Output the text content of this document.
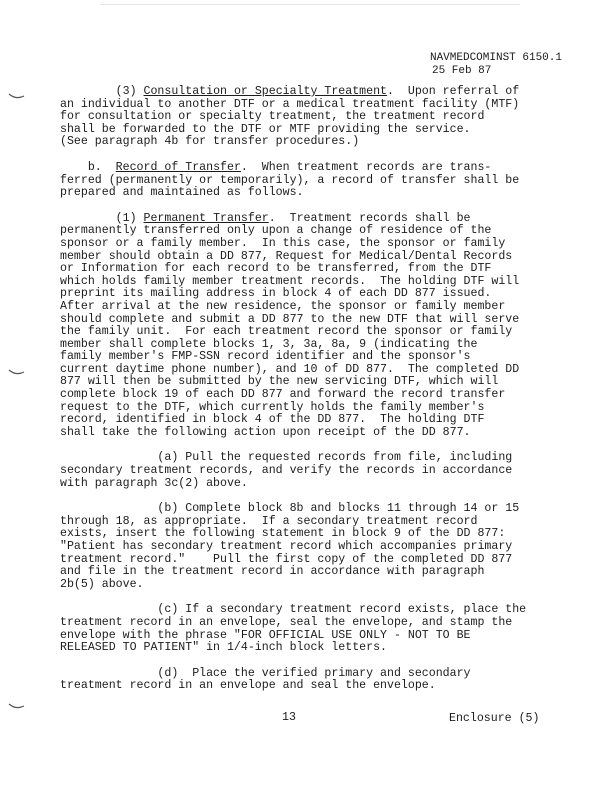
NAVMEDCOMINST 6150.1
25 Feb 87
(3) Consultation or Specialty Treatment.  Upon referral of
an individual to another DTF or a medical treatment facility (MTF)
for consultation or specialty treatment, the treatment record
shall be forwarded to the DTF or MTF providing the service.
(See paragraph 4b for transfer procedures.)
b.  Record of Transfer.  When treatment records are trans-
ferred (permanently or temporarily), a record of transfer shall be
prepared and maintained as follows.
(1) Permanent Transfer.  Treatment records shall be
permanently transferred only upon a change of residence of the
sponsor or a family member.  In this case, the sponsor or family
member should obtain a DD 877, Request for Medical/Dental Records
or Information for each record to be transferred, from the DTF
which holds family member treatment records.  The holding DTF will
preprint its mailing address in block 4 of each DD 877 issued.
After arrival at the new residence, the sponsor or family member
should complete and submit a DD 877 to the new DTF that will serve
the family unit.  For each treatment record the sponsor or family
member shall complete blocks 1, 3, 3a, 8a, 9 (indicating the
family member's FMP-SSN record identifier and the sponsor's
current daytime phone number), and 10 of DD 877.  The completed DD
877 will then be submitted by the new servicing DTF, which will
complete block 19 of each DD 877 and forward the record transfer
request to the DTF, which currently holds the family member's
record, identified in block 4 of the DD 877.  The holding DTF
shall take the following action upon receipt of the DD 877.
(a) Pull the requested records from file, including
secondary treatment records, and verify the records in accordance
with paragraph 3c(2) above.
(b) Complete block 8b and blocks 11 through 14 or 15
through 18, as appropriate.  If a secondary treatment record
exists, insert the following statement in block 9 of the DD 877:
"Patient has secondary treatment record which accompanies primary
treatment record."    Pull the first copy of the completed DD 877
and file in the treatment record in accordance with paragraph
2b(5) above.
(c) If a secondary treatment record exists, place the
treatment record in an envelope, seal the envelope, and stamp the
envelope with the phrase "FOR OFFICIAL USE ONLY - NOT TO BE
RELEASED TO PATIENT" in 1/4-inch block letters.
(d)  Place the verified primary and secondary
treatment record in an envelope and seal the envelope.
13	Enclosure (5)
